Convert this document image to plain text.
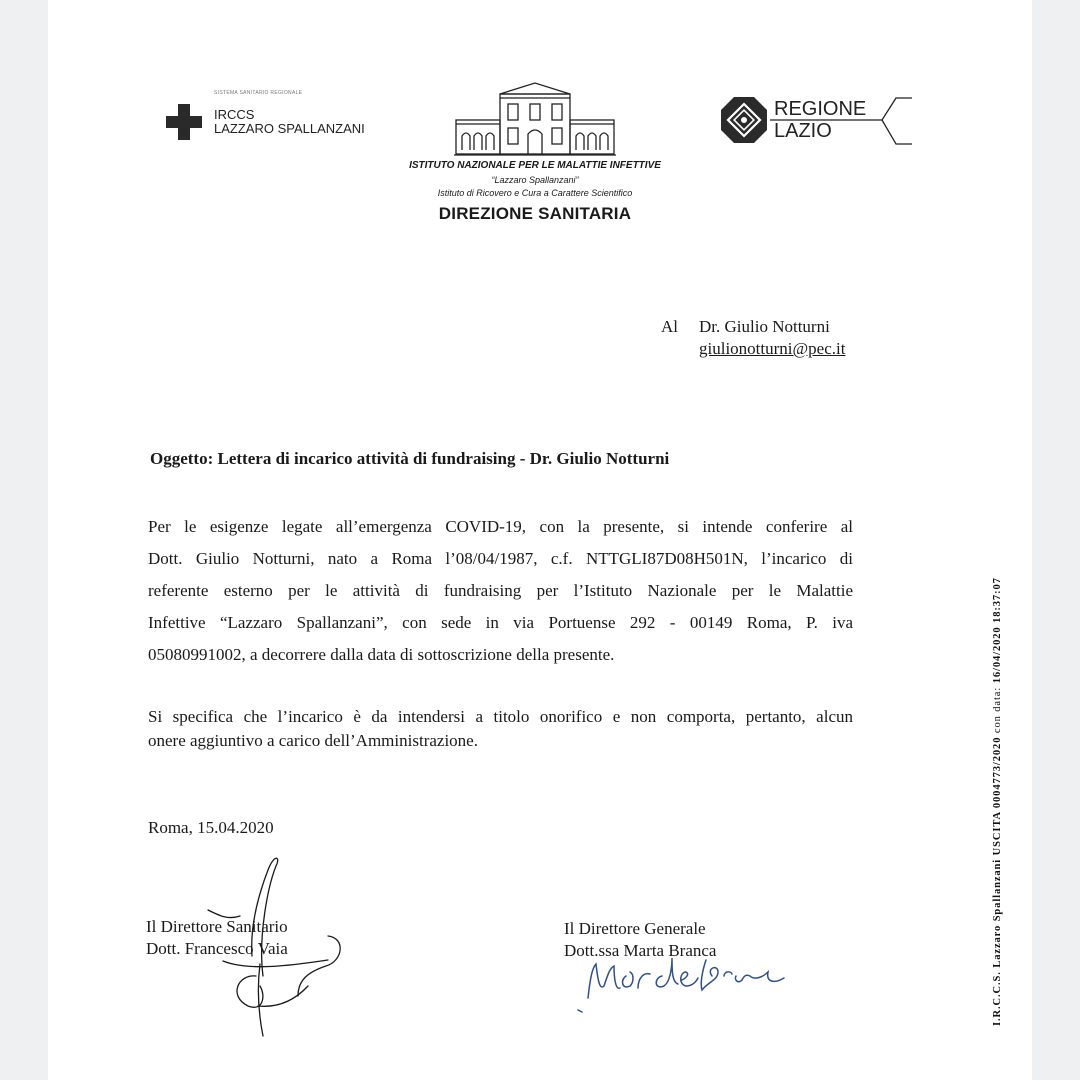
SISTEMA SANITARIO REGIONALE
IRCCS
LAZZARO SPALLANZANI
ISTITUTO NAZIONALE PER LE MALATTIE INFETTIVE
“Lazzaro Spallanzani”
Istituto di Ricovero e Cura a Carattere Scientifico
DIREZIONE SANITARIA
REGIONE
LAZIO
Al Dr. Giulio Notturni
giulionotturni@pec.it
Oggetto: Lettera di incarico attività di fundraising - Dr. Giulio Notturni
Per le esigenze legate all’emergenza COVID-19, con la presente, si intende conferire al
Dott. Giulio Notturni, nato a Roma l’08/04/1987, c.f. NTTGLI87D08H501N, l’incarico di
referente esterno per le attività di fundraising per l’Istituto Nazionale per le Malattie
Infettive “Lazzaro Spallanzani”, con sede in via Portuense 292 - 00149 Roma, P. iva
05080991002, a decorrere dalla data di sottoscrizione della presente.
Si specifica che l’incarico è da intendersi a titolo onorifico e non comporta, pertanto, alcun
onere aggiuntivo a carico dell’Amministrazione.
Roma, 15.04.2020
Il Direttore Sanitario
Dott. Francesco Vaia
Il Direttore Generale
Dott.ssa Marta Branca	I.R.C.C.S. Lazzaro Spallanzani USCITA 0004773/2020 con data: 16/04/2020 18:37:07
